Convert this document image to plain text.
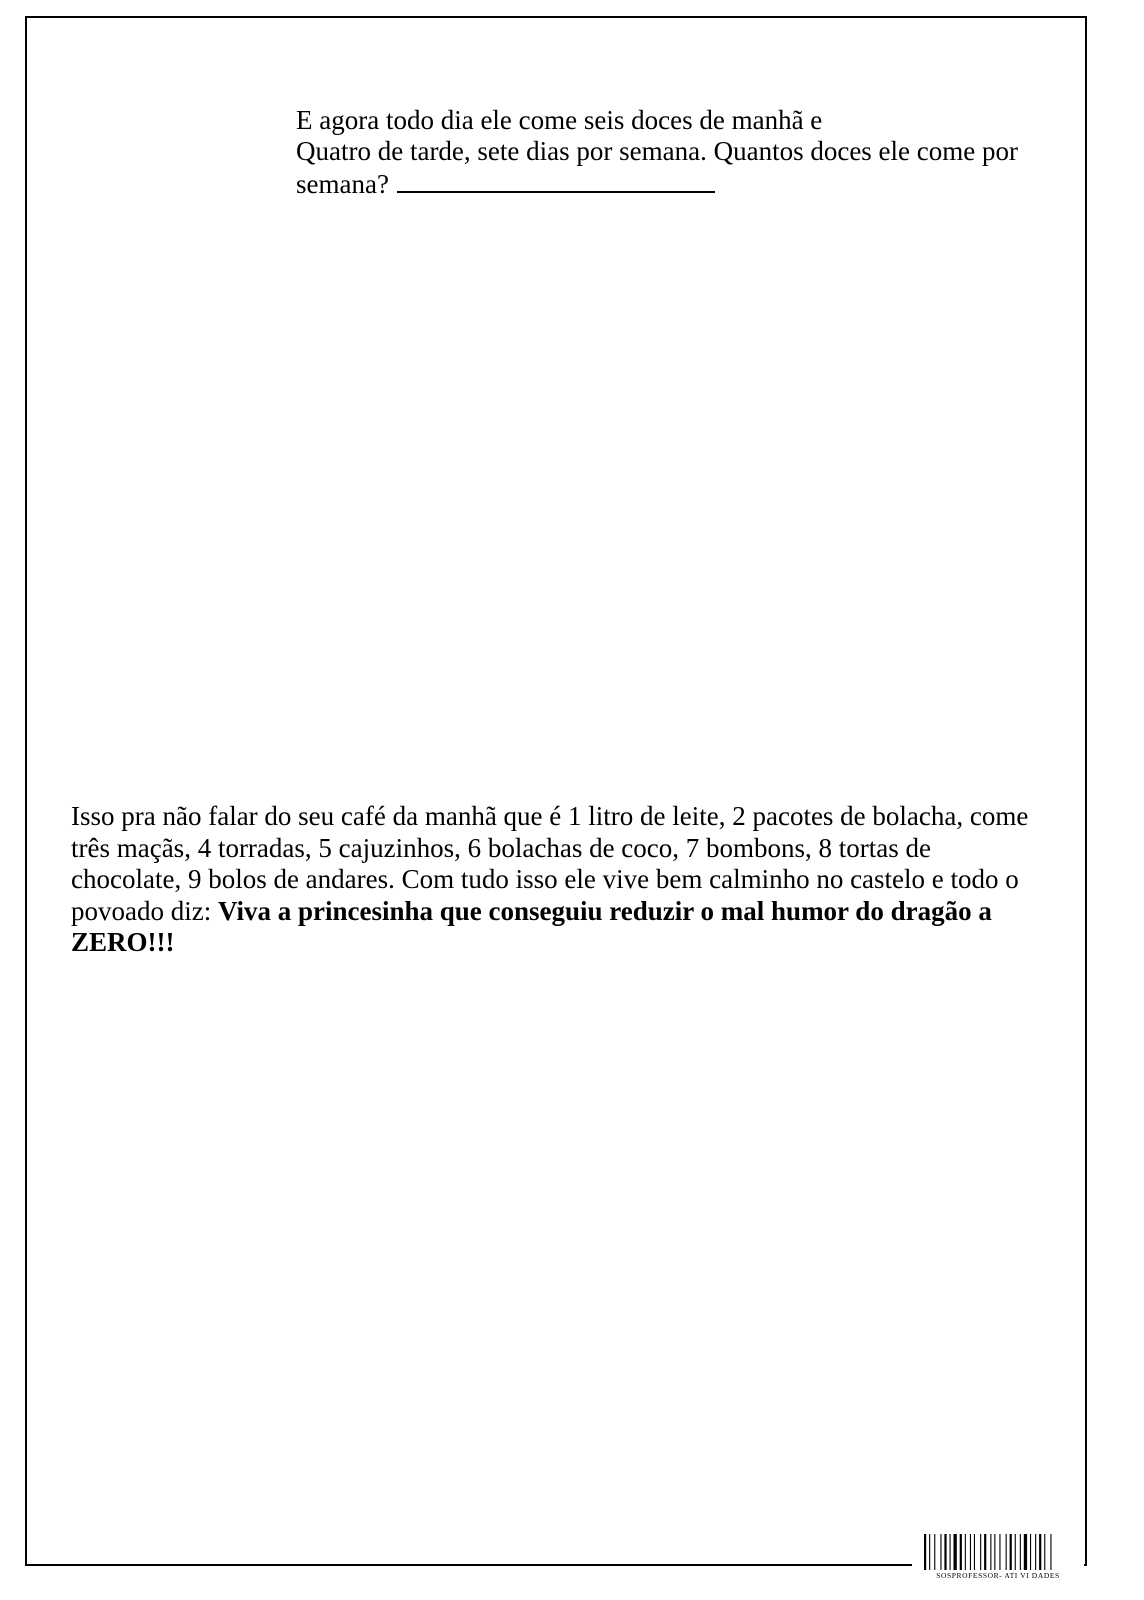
E agora todo dia ele come seis doces de manhã e
Quatro de tarde, sete dias por semana. Quantos doces ele come por
semana?
Isso pra não falar do seu café da manhã que é 1 litro de leite, 2 pacotes de bolacha, come
três maçãs, 4 torradas, 5 cajuzinhos, 6 bolachas de coco, 7 bombons, 8 tortas de
chocolate, 9 bolos de andares. Com tudo isso ele vive bem calminho no castelo e todo o
povoado diz: Viva a princesinha que conseguiu reduzir o mal humor do dragão a
ZERO!!!
SOSPROFESSOR- ATI VI DADES
